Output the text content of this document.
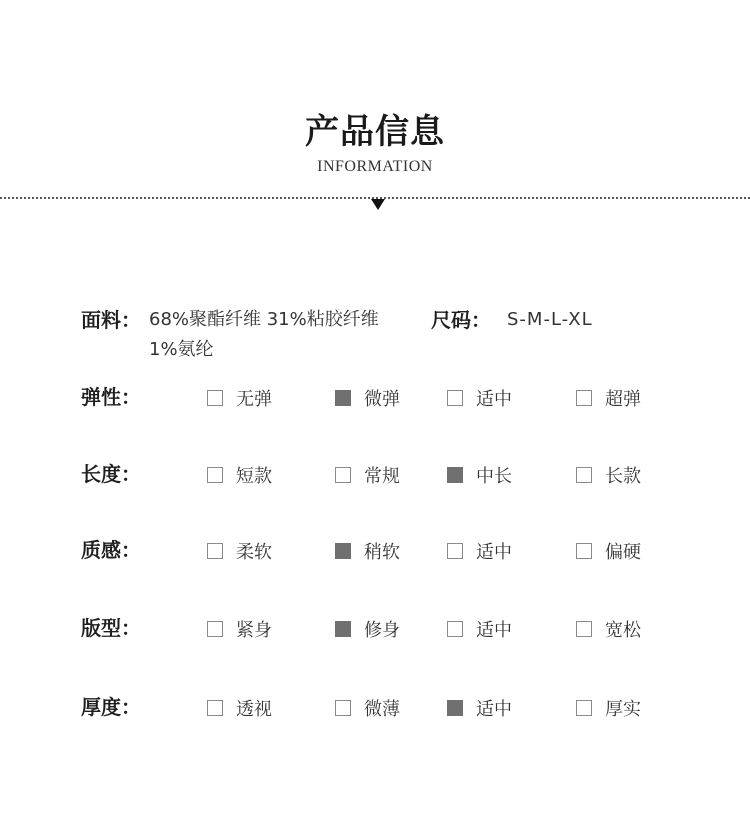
产品信息
INFORMATION
面料： 68%聚酯纤维 31%粘胶纤维
1%氨纶
尺码： S-M-L-XL
弹性：	无弹	微弹	适中	超弹
长度：	短款	常规	中长	长款
质感：	柔软	稍软	适中	偏硬
版型：	紧身	修身	适中	宽松
厚度：	透视	微薄	适中	厚实
